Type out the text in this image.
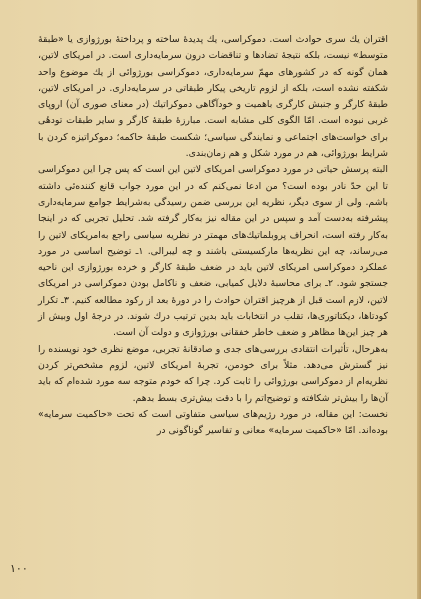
اقتران یك سری حوادث است. دموكراسی، یك پدیدهٔ ساخته و پرداختهٔ بورژوازی یا «طبقهٔ متوسط» نیست، بلكه نتیجهٔ تضادها و تناقضات درون سرمایه‌داری است. در امریكای لاتین، همان گونه كه در كشورهای مهمّ سرمایه‌داری، دموكراسی بورژوائی از یك موضوع واحد شكفته نشده است، بلكه از لزوم تاریخی پیكار طبقاتی در سرمایه‌داری. در امریكای لاتین، طبقهٔ كارگر و جنبش كارگری باهمیت و خودآگاهی دموكراتیك (در معنای صوری آن) اروپای غربی نبوده است. امّا الگوی كلی مشابه است. مبارزهٔ طبقهٔ كارگر و سایر طبقات تودهٔی برای خواست‌های اجتماعی و نمایندگی سیاسی؛ شكست طبقهٔ حاكمه؛ دموكراتیزه كردن با شرایط بورژوائی، هم در مورد شكل و هم زمان‌بندی.

البته پرسش حیاتی در مورد دموكراسی امریكای لاتین این است كه پس چرا این دموكراسی تا این حدّ نادر بوده است؟ من ادعا نمی‌كنم كه در این مورد جواب قانع كننده‌ئی داشته باشم. ولی از سوی دیگر، نظریه این بررسی ضمن رسیدگی به‌شرایط جوامع سرمایه‌داری پیشرفته به‌دست آمد و سپس در این مقاله نیز به‌كار گرفته شد. تحلیل تجربی كه در اینجا به‌كار رفته است، انحراف پروبلماتیك‌های مهمتر در نظریه سیاسی راجع به‌امریكای لاتین را می‌رساند، چه این نظریه‌ها ماركسیستی باشند و چه لیبرالی. ۱ـ توضیح اساسی در مورد عملكرد دموكراسی امریكای لاتین باید در ضعف طبقهٔ كارگر و خرده بورژوازی این ناحیه جستجو شود. ۲ـ برای محاسبهٔ دلایل كمیابی، ضعف و ناكامل بودن دموكراسی در امریكای لاتین، لازم است قبل از هرچیز اقتران حوادث را در دورهٔ بعد از ركود مطالعه كنیم. ۳ـ تكرار كودتاها، دیكتاتوری‌ها، تقلب در انتخابات باید بدین ترتیب درك شوند. در درجهٔ اول وبیش از هر چیز این‌ها مظاهر و ضعف خاطر خفقانی بورژوازی و دولت آن است.

به‌هرحال، تأثیرات انتقادی بررسی‌های جدی و صادقانهٔ تجربی، موضع نظری خود نویسنده را نیز گسترش می‌دهد. مثلاً برای خودمن، تجربهٔ امریكای لاتین، لزوم مشخص‌تر كردن نظریه‌ام از دموكراسی بورژوائی را ثابت كرد. چرا كه خودم متوجه سه مورد شده‌ام كه باید آن‌ها را بیش‌تر شكافته و توضیح‌اتم را با دقت بیش‌تری بسط بدهم.

نخست: این مقاله، در مورد رژیم‌های سیاسی متفاوتی است كه تحت «حاكمیت سرمایه» بوده‌اند. امّا «حاكمیت سرمایه» معانی و تفاسیر گوناگونی در

۱۰۰
